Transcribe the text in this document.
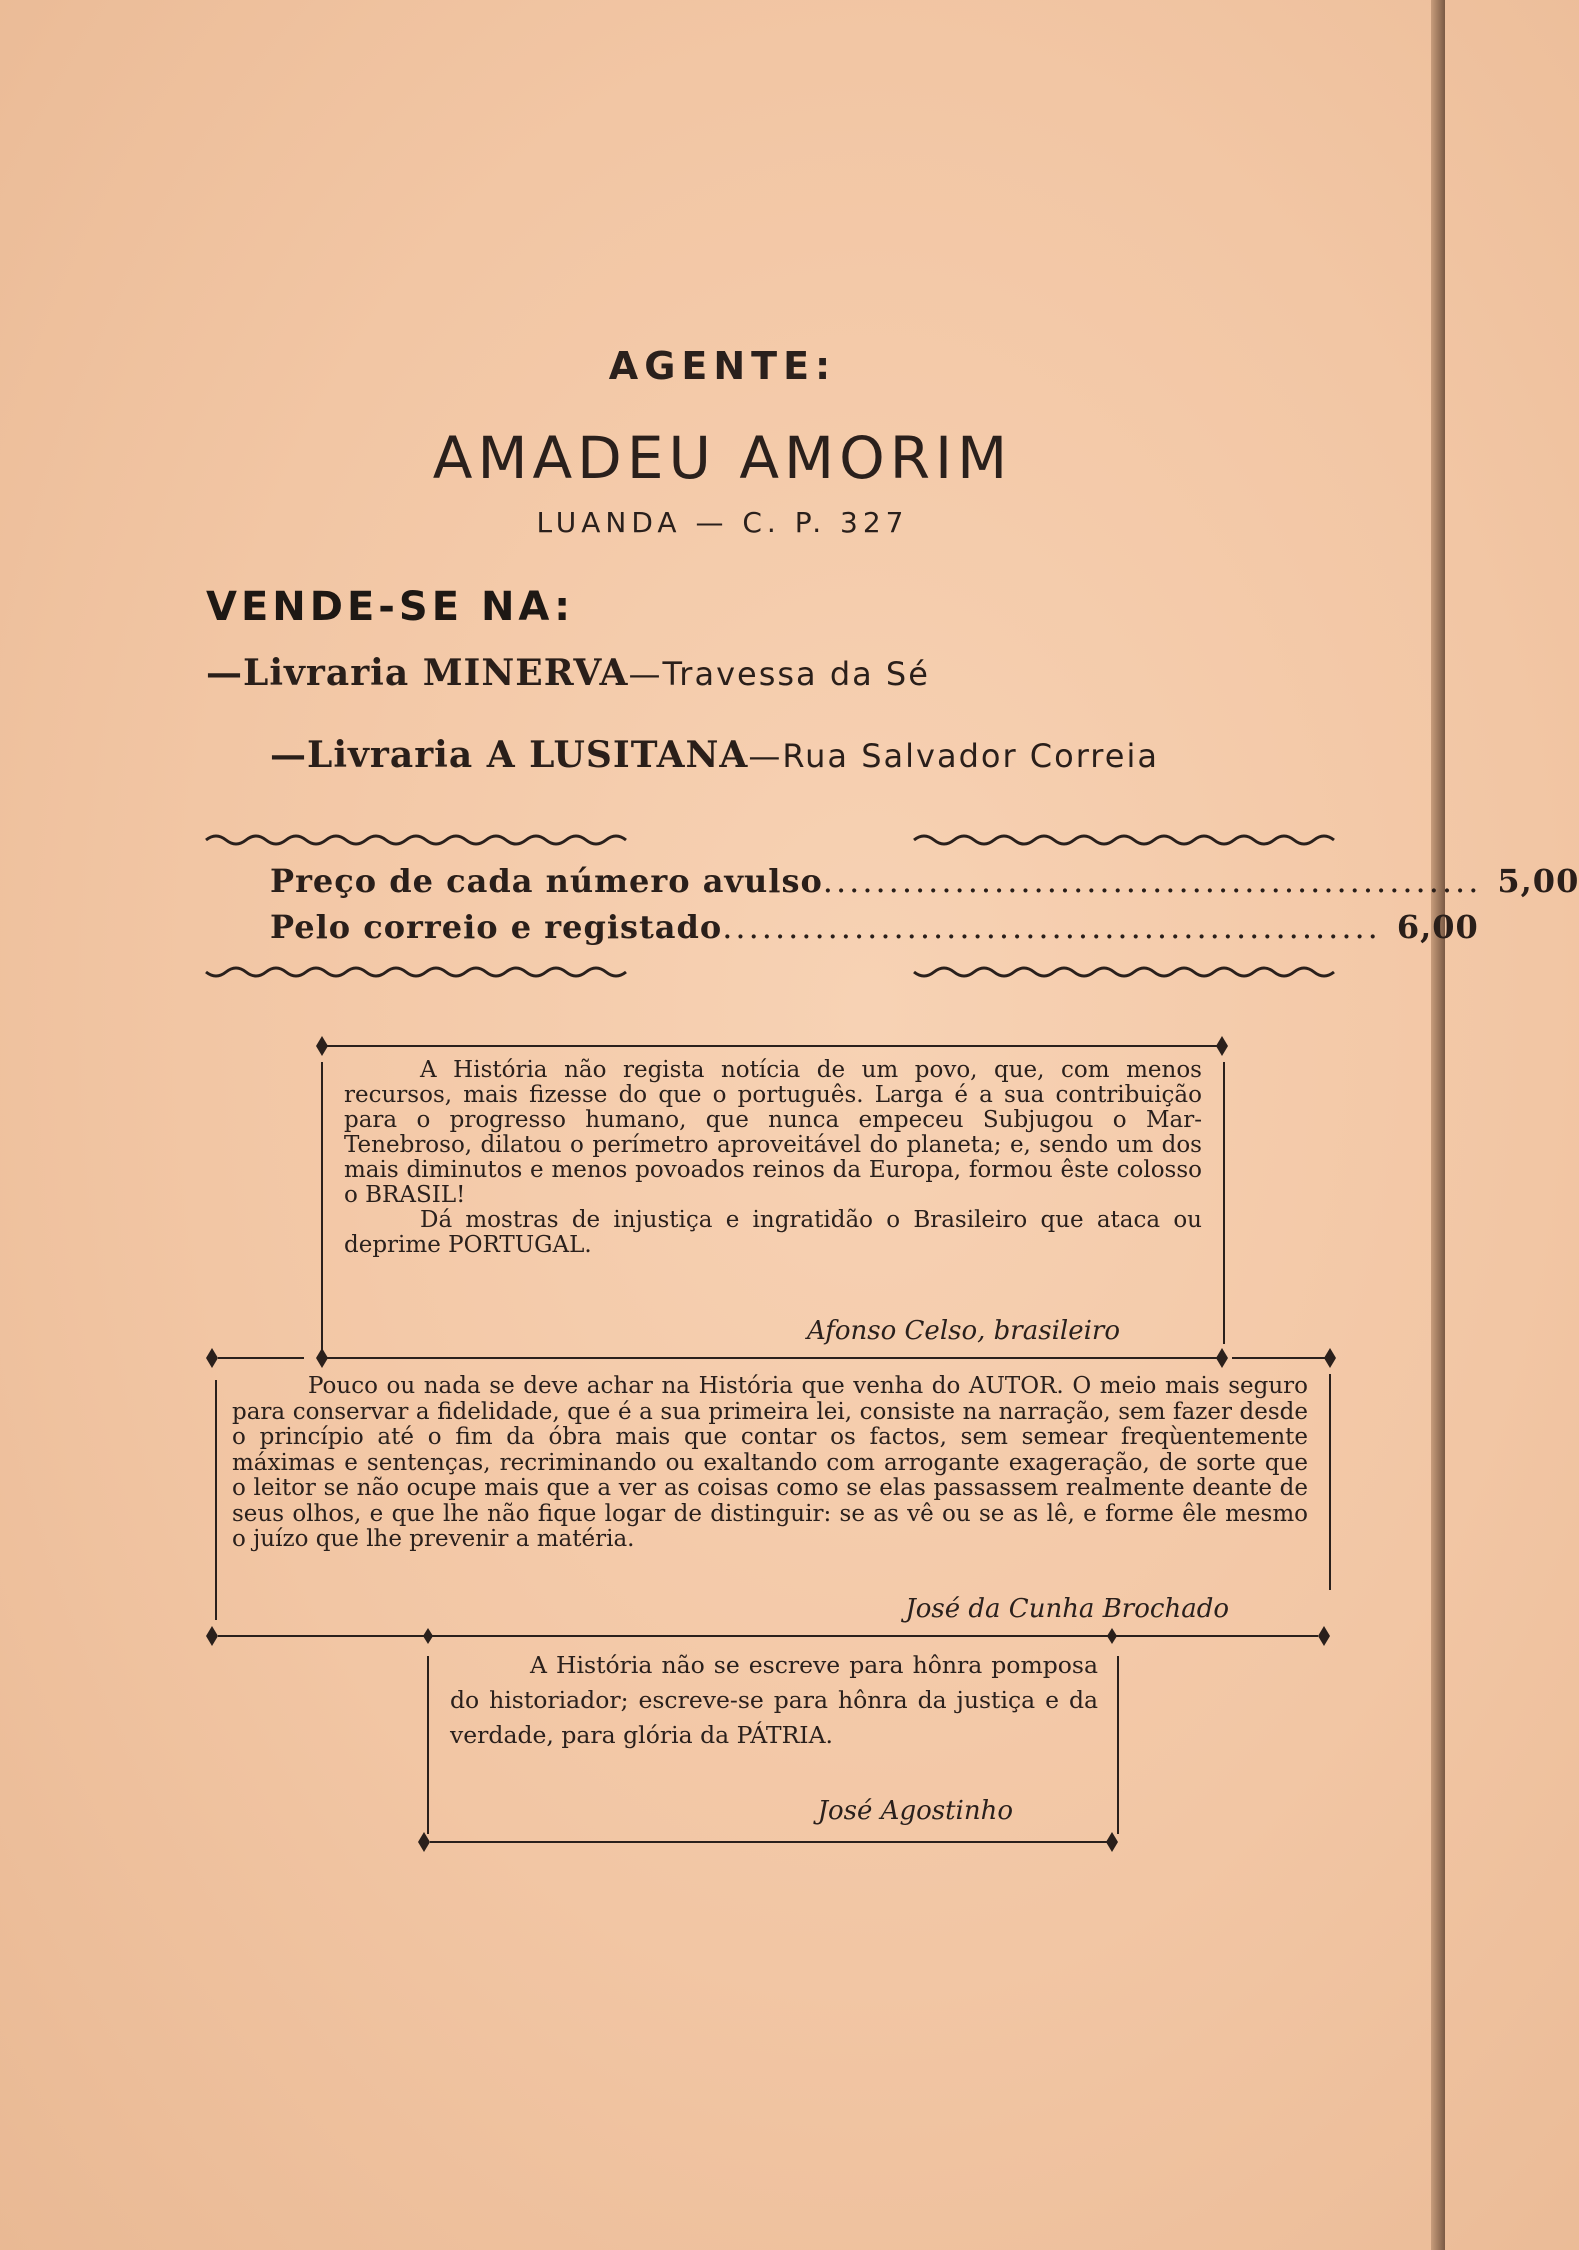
AGENTE:
AMADEU AMORIM
LUANDA — C. P. 327
VENDE-SE NA:
—Livraria MINERVA—Travessa da Sé
—Livraria A LUSITANA—Rua Salvador Correia
Preço de cada número avulso .................................................. 5,00
Pelo correio e registado .................................................. 6,00

A História não regista notícia de um povo, que, com menos recursos, mais fizesse do que o português. Larga é a sua contribuição para o progresso humano, que nunca empeceu Subjugou o Mar-Tenebroso, dilatou o perímetro aproveitável do planeta; e, sendo um dos mais diminutos e menos povoados reinos da Europa, formou êste colosso o BRASIL!

Dá mostras de injustiça e ingratidão o Brasileiro que ataca ou deprime PORTUGAL.

Afonso Celso, brasileiro

Pouco ou nada se deve achar na História que venha do AUTOR. O meio mais seguro para conservar a fidelidade, que é a sua primeira lei, consiste na narração, sem fazer desde o princípio até o fim da óbra mais que contar os factos, sem semear freqùentemente máximas e sentenças, recriminando ou exaltando com arrogante exageração, de sorte que o leitor se não ocupe mais que a ver as coisas como se elas passassem realmente deante de seus olhos, e que lhe não fique logar de distinguir: se as vê ou se as lê, e forme êle mesmo o juízo que lhe prevenir a matéria.

José da Cunha Brochado

A História não se escreve para hônra pomposa do historiador; escreve-se para hônra da justiça e da verdade, para glória da PÁTRIA.

José Agostinho
